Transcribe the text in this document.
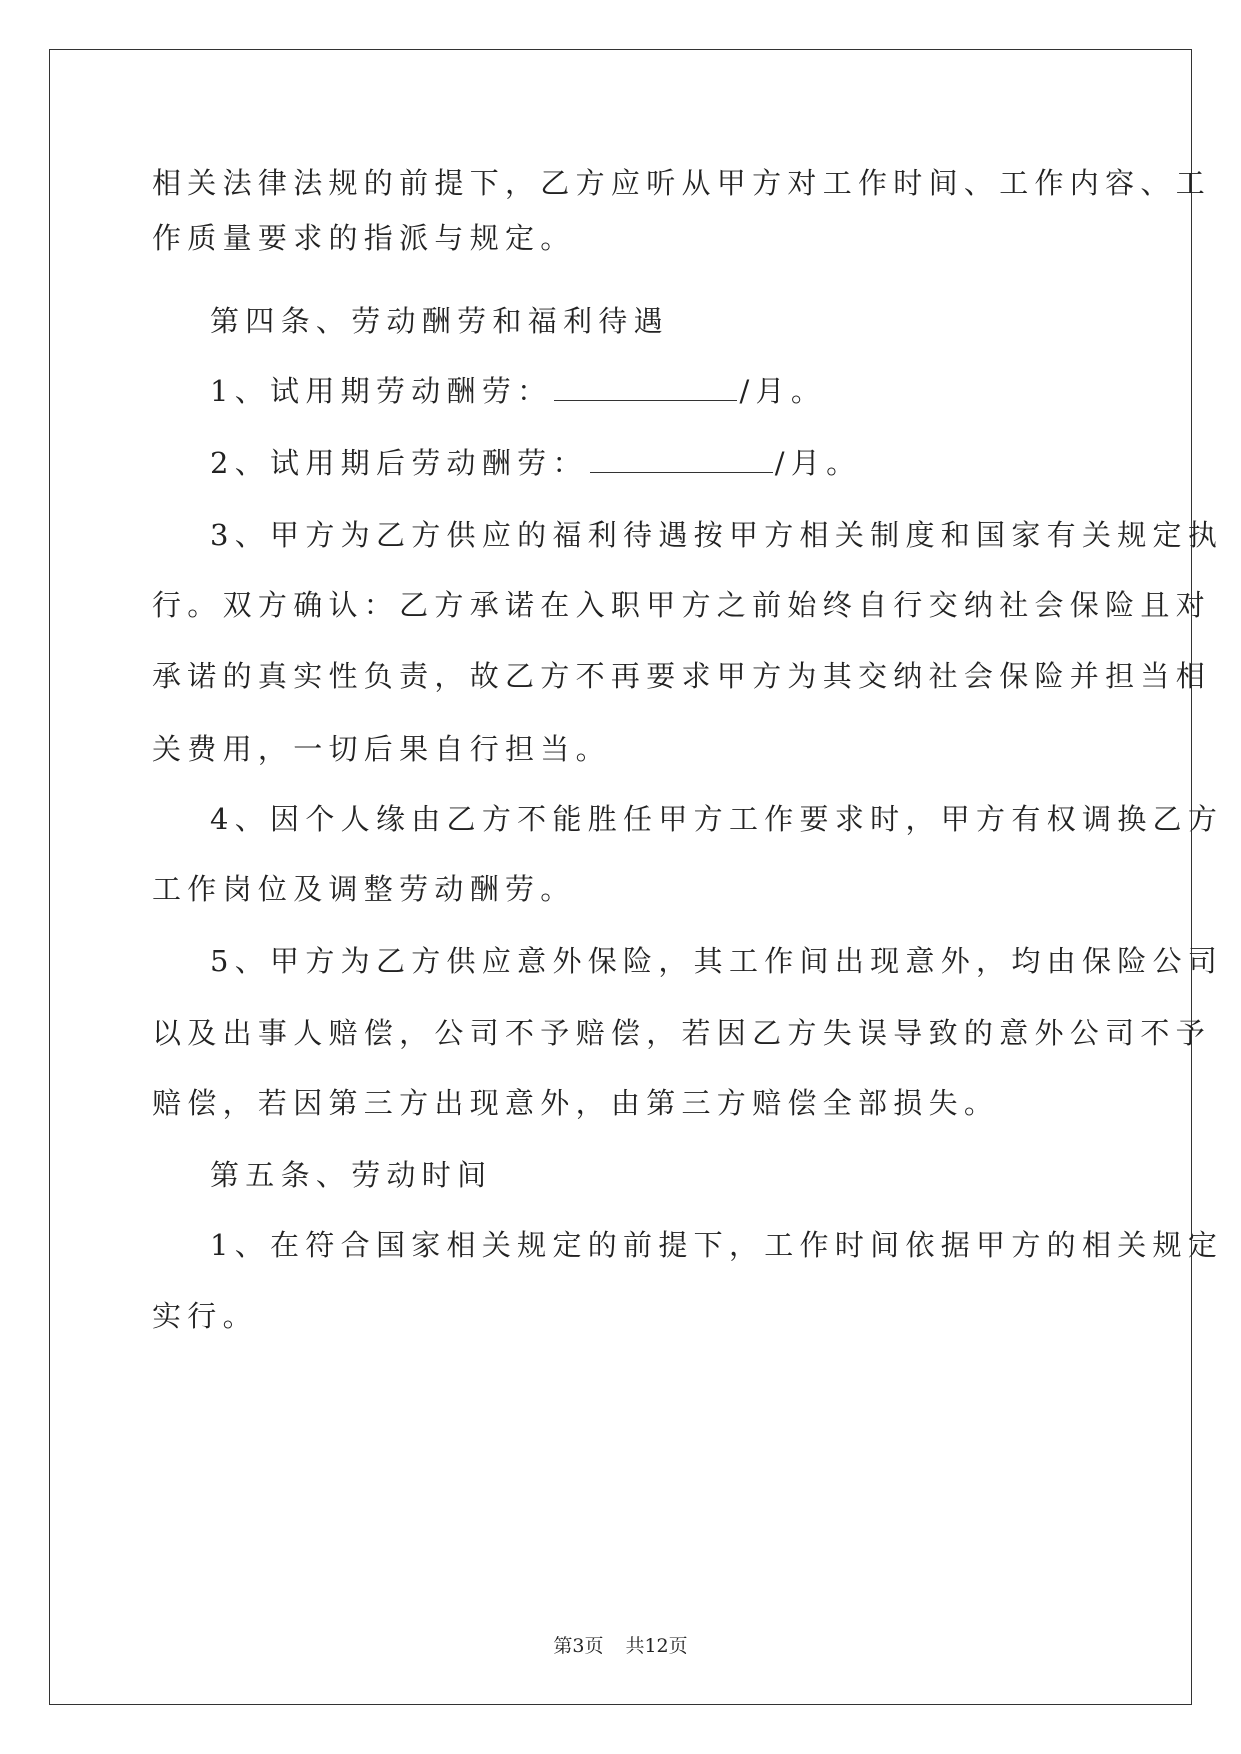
相关法律法规的前提下，乙方应听从甲方对工作时间、工作内容、工
作质量要求的指派与规定。
第四条、劳动酬劳和福利待遇
1、试用期劳动酬劳：	/月。
2、试用期后劳动酬劳：	/月。
3、甲方为乙方供应的福利待遇按甲方相关制度和国家有关规定执
行。双方确认：乙方承诺在入职甲方之前始终自行交纳社会保险且对
承诺的真实性负责，故乙方不再要求甲方为其交纳社会保险并担当相
关费用，一切后果自行担当。
4、因个人缘由乙方不能胜任甲方工作要求时，甲方有权调换乙方
工作岗位及调整劳动酬劳。
5、甲方为乙方供应意外保险，其工作间出现意外，均由保险公司
以及出事人赔偿，公司不予赔偿，若因乙方失误导致的意外公司不予
赔偿，若因第三方出现意外，由第三方赔偿全部损失。
第五条、劳动时间
1、在符合国家相关规定的前提下，工作时间依据甲方的相关规定
实行。
第3页 共12页
